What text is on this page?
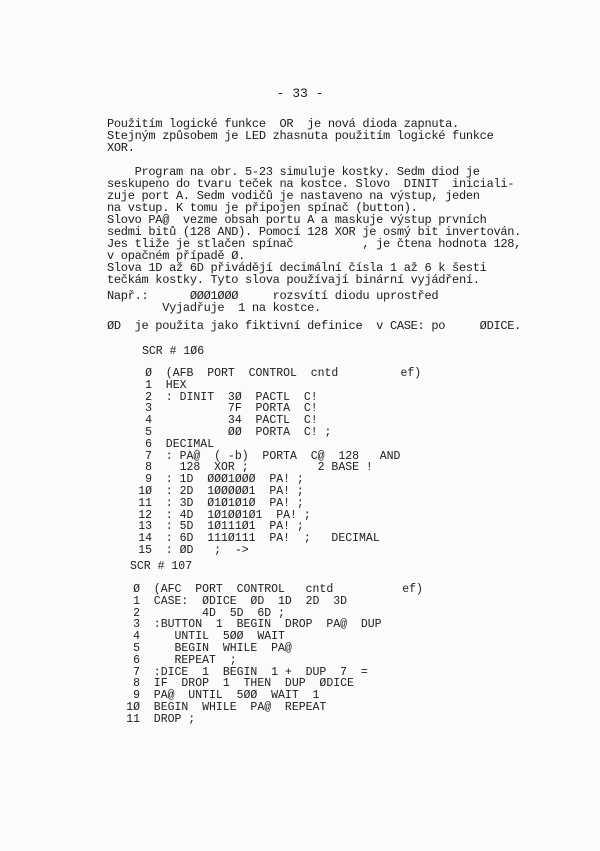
- 33 -
Použitím logické funkce  OR  je nová dioda zapnuta.
Stejným způsobem je LED zhasnuta použitím logické funkce
XOR.
Program na obr. 5-23 simuluje kostky. Sedm diod je
seskupeno do tvaru teček na kostce. Slovo  DINIT  iniciali-
zuje port A. Sedm vodičů je nastaveno na výstup, jeden
na vstup. K tomu je připojen spínač (button).
Slovo PA@  vezme obsah portu A a maskuje výstup prvních
sedmi bitů (128 AND). Pomocí 128 XOR je osmý bit invertován.
Jes tliže je stlačen spínač          , je čtena hodnota 128,
v opačném případě Ø.
Slova 1D až 6D přivádějí decimální čísla 1 až 6 k šesti
tečkám kostky. Tyto slova používají binární vyjádření.
Např.:      ØØØ1ØØØ     rozsvítí diodu uprostřed
Vyjadřuje  1 na kostce.
ØD  je použita jako fiktivní definice  v CASE: po     ØDICE.
SCR # 1Ø6
Ø (AFB  PORT  CONTROL  cntd         ef)
1 HEX
2 : DINIT  3Ø  PACTL  C!
3 7F  PORTA  C!
4 34  PACTL  C!
5 ØØ  PORTA  C! ;
6 DECIMAL
7 : PA@  ( -b)  PORTA  C@  128   AND
8 128  XOR ;          2 BASE !
9 : 1D  ØØØ1ØØØ  PA! ;
1Ø : 2D  1ØØØØØ1  PA! ;
11 : 3D  Ø1Ø1Ø1Ø  PA! ;
12 : 4D  1Ø1ØØ1Ø1  PA! ;
13 : 5D  1Ø111Ø1  PA! ;
14 : 6D  111Ø111  PA!  ;   DECIMAL
15 : ØD   ;  ->
SCR # 107
Ø (AFC  PORT  CONTROL   cntd          ef)
1 CASE:  ØDICE  ØD  1D  2D  3D
2 4D  5D  6D ;
3 :BUTTON  1  BEGIN  DROP  PA@  DUP
4 UNTIL  5ØØ  WAIT
5 BEGIN  WHILE  PA@
6 REPEAT  ;
7 :DICE  1  BEGIN  1 +  DUP  7  =
8 IF  DROP  1  THEN  DUP  ØDICE
9 PA@  UNTIL  5ØØ  WAIT  1
1Ø BEGIN  WHILE  PA@  REPEAT
11 DROP ;
